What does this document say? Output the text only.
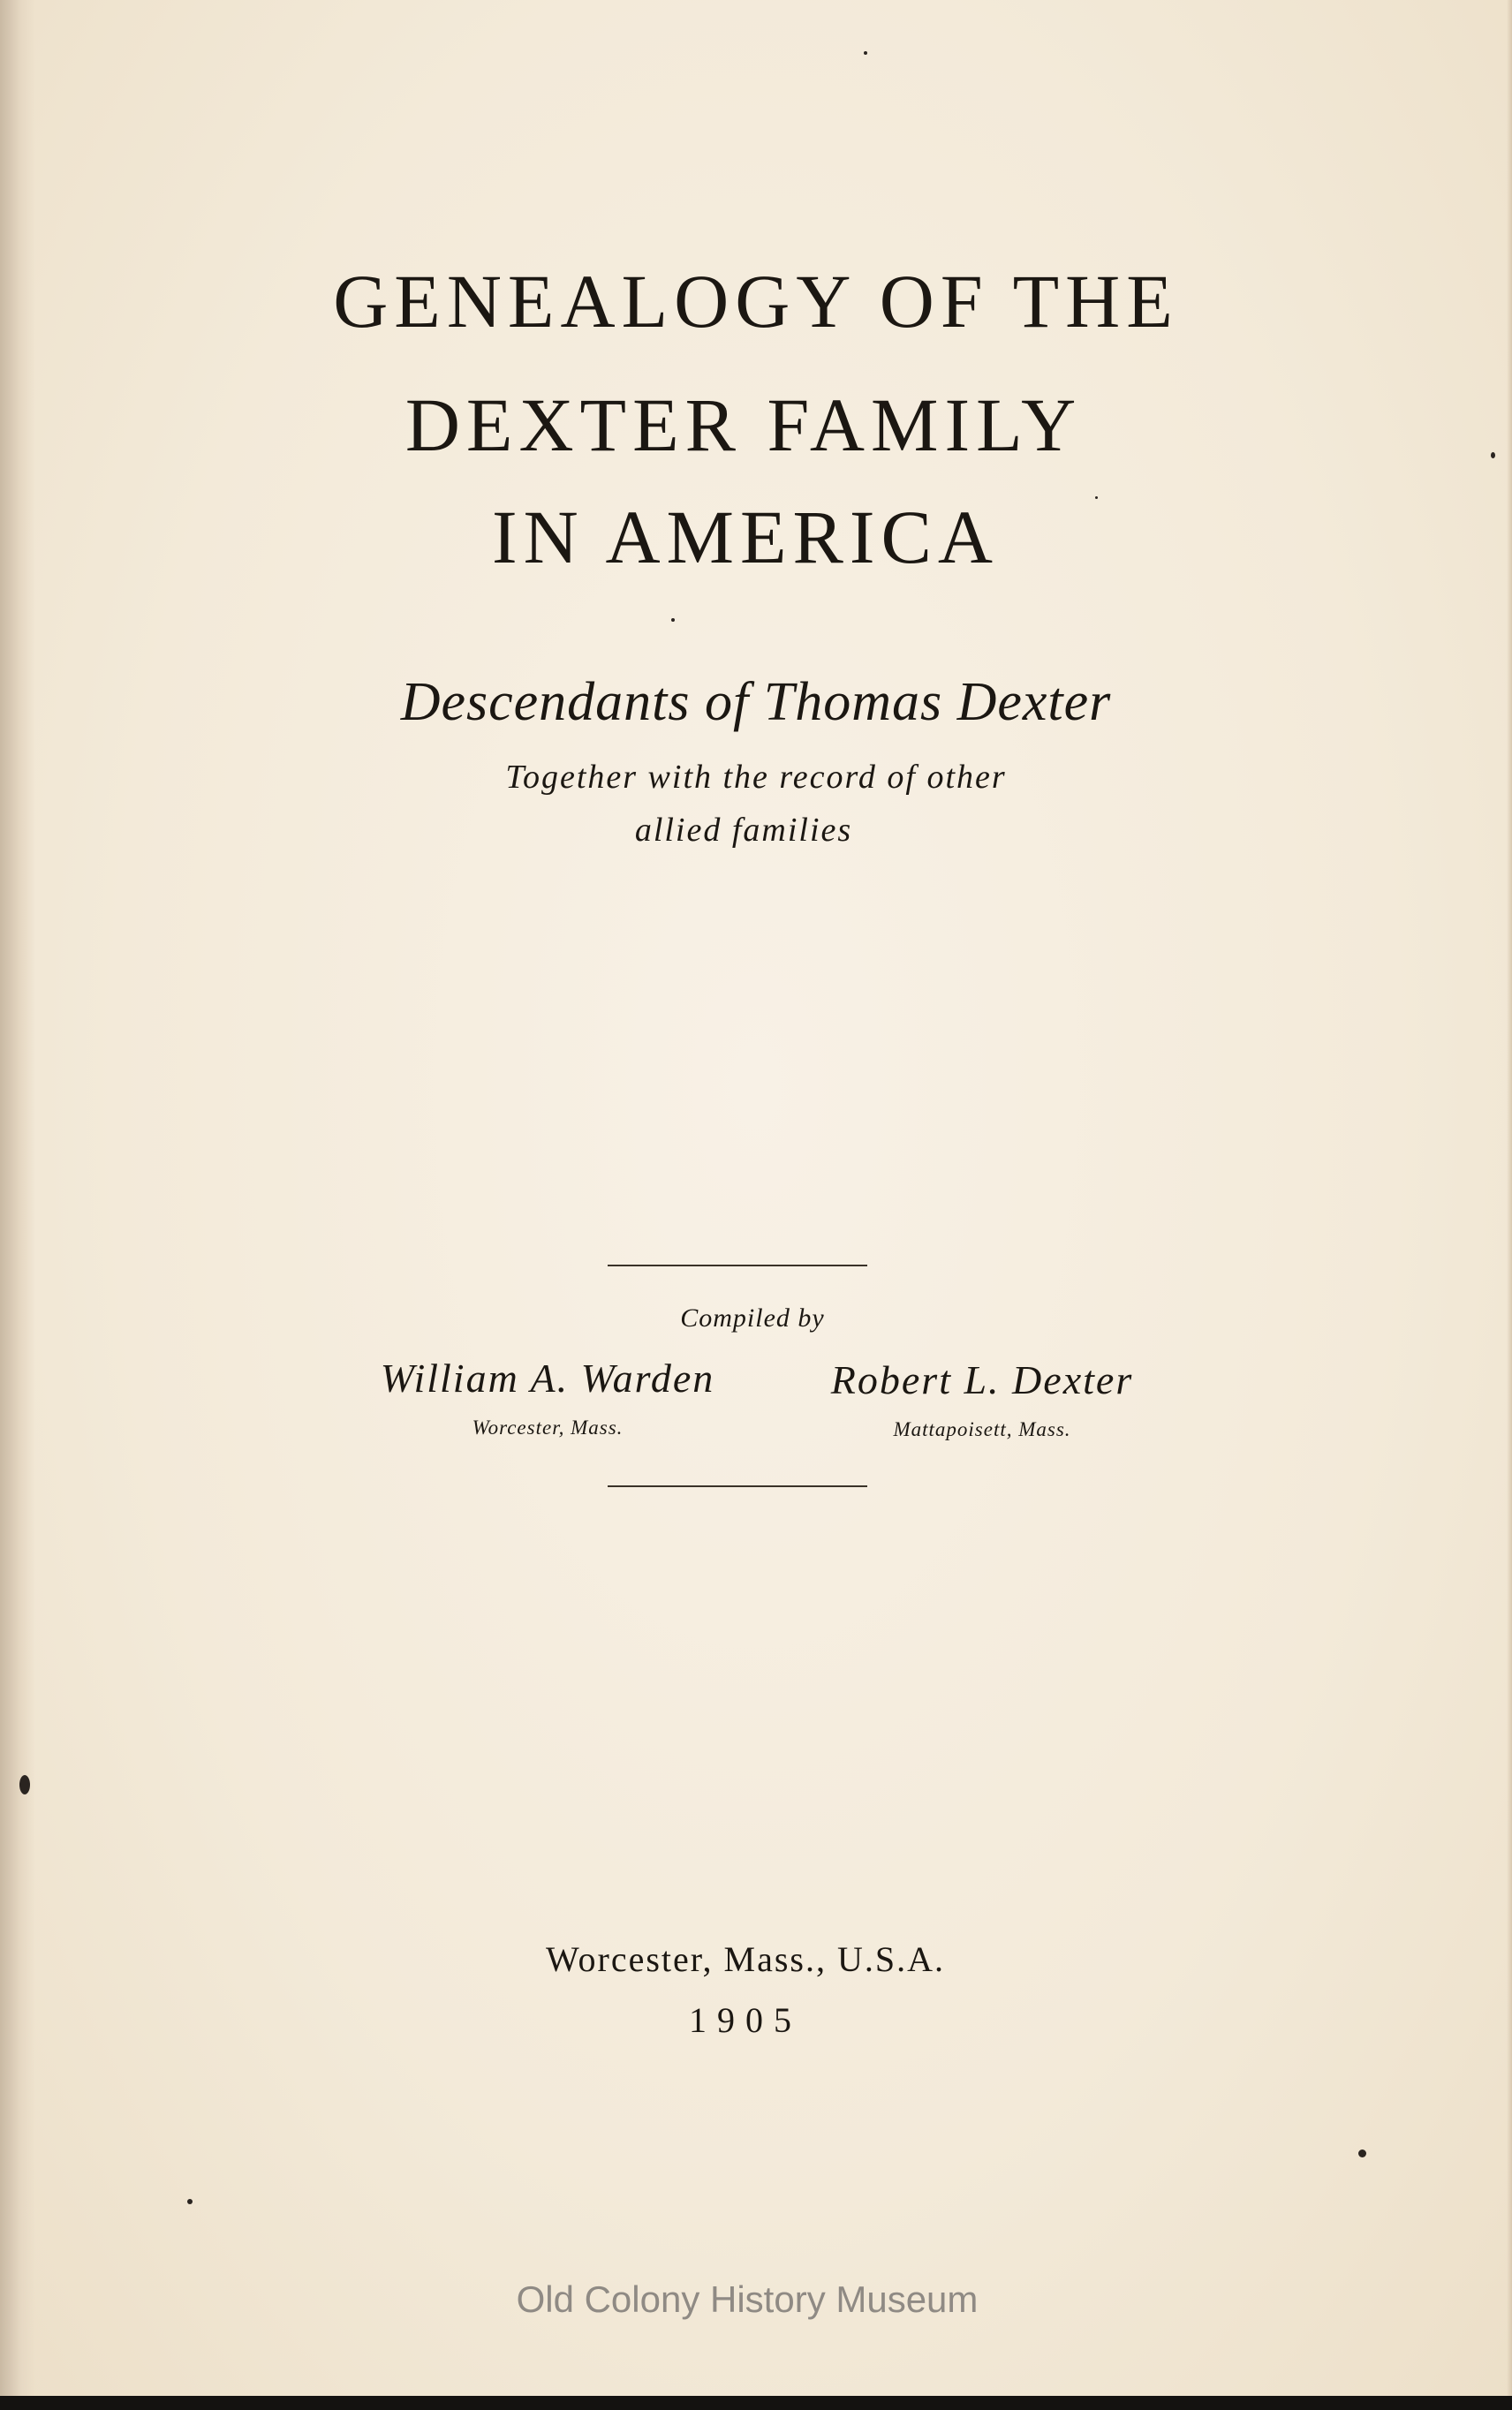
GENEALOGY OF THE
DEXTER FAMILY
IN AMERICA
Descendants of Thomas Dexter
Together with the record of other
allied families
Compiled by
William A. Warden
Worcester, Mass.
Robert L. Dexter
Mattapoisett, Mass.
Worcester, Mass., U.S.A.
1905
Old Colony History Museum
